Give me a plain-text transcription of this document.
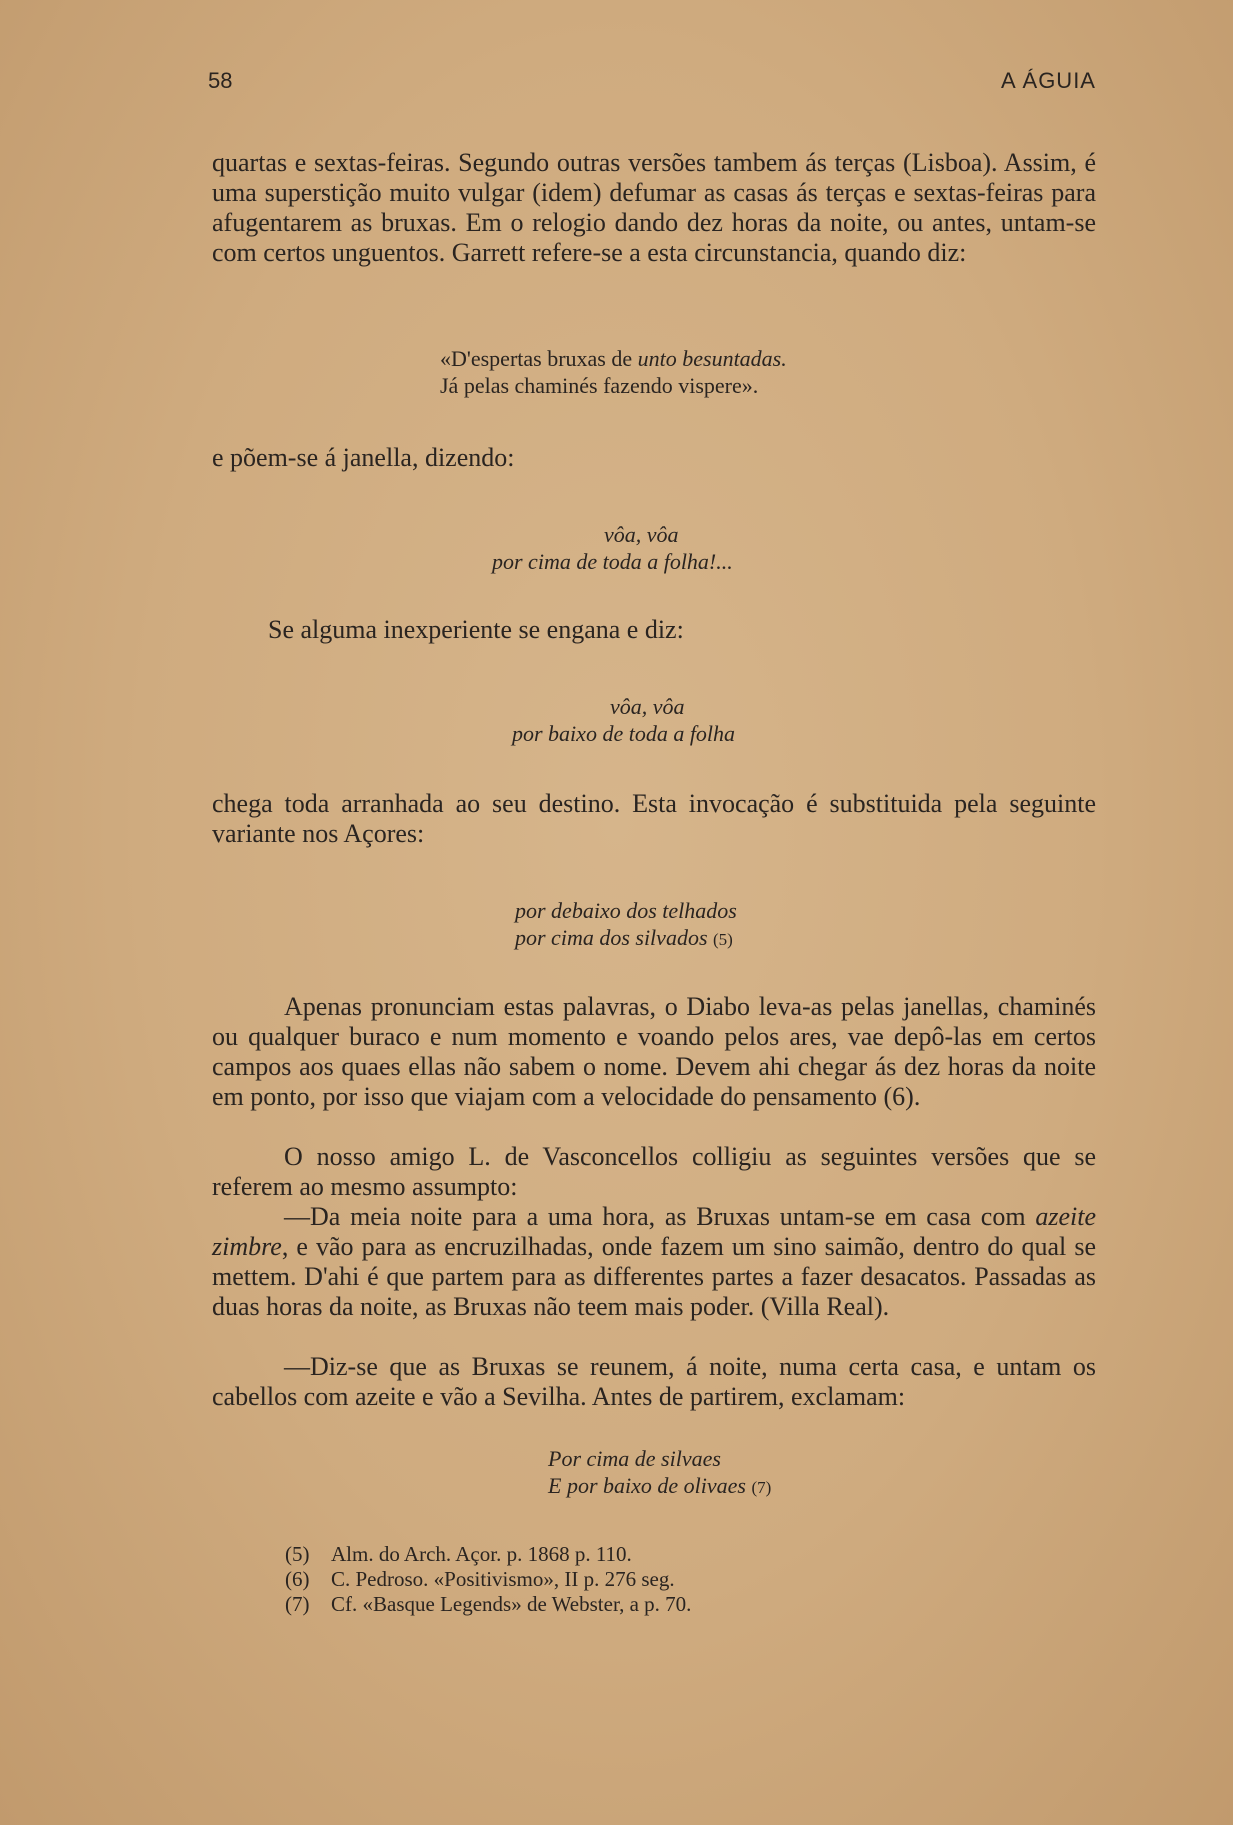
58	A ÁGUIA

quartas e sextas-feiras. Segundo outras versões tambem ás terças (Lisboa). Assim, é uma superstição muito vulgar (idem) defumar as casas ás terças e sextas-feiras para afugentarem as bruxas. Em o relogio dando dez horas da noite, ou antes, untam-se com certos unguentos. Garrett refere-se a esta circunstancia, quando diz:

«D'espertas bruxas de unto besuntadas.
Já pelas chaminés fazendo vispere».

e põem-se á janella, dizendo:

vôa, vôa
por cima de toda a folha!...

Se alguma inexperiente se engana e diz:

vôa, vôa
por baixo de toda a folha

chega toda arranhada ao seu destino. Esta invocação é substituida pela seguinte variante nos Açores:

por debaixo dos telhados
por cima dos silvados (5)

Apenas pronunciam estas palavras, o Diabo leva-as pelas janellas, chaminés ou qualquer buraco e num momento e voando pelos ares, vae depô-las em certos campos aos quaes ellas não sabem o nome. Devem ahi chegar ás dez horas da noite em ponto, por isso que viajam com a velocidade do pensamento (6).

O nosso amigo L. de Vasconcellos colligiu as seguintes versões que se referem ao mesmo assumpto:

—Da meia noite para a uma hora, as Bruxas untam-se em casa com azeite zimbre, e vão para as encruzilhadas, onde fazem um sino saimão, dentro do qual se mettem. D'ahi é que partem para as differentes partes a fazer desacatos. Passadas as duas horas da noite, as Bruxas não teem mais poder. (Villa Real).

—Diz-se que as Bruxas se reunem, á noite, numa certa casa, e untam os cabellos com azeite e vão a Sevilha. Antes de partirem, exclamam:

Por cima de silvaes
E por baixo de olivaes (7)
(5) Alm. do Arch. Açor. p. 1868 p. 110.
(6) C. Pedroso. «Positivismo», II p. 276 seg.
(7) Cf. «Basque Legends» de Webster, a p. 70.
